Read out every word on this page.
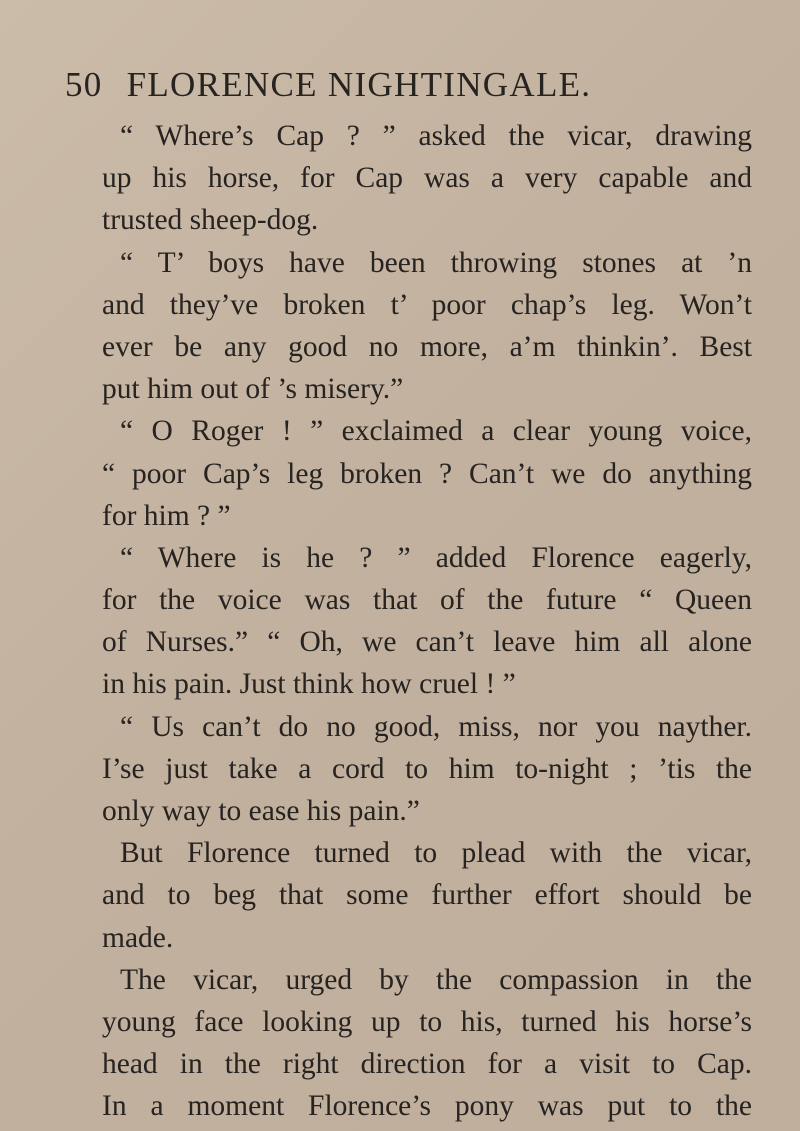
50 FLORENCE NIGHTINGALE.
“ Where’s Cap ? ” asked the vicar, drawing
up his horse, for Cap was a very capable and
trusted sheep-dog.
“ T’ boys have been throwing stones at ’n
and they’ve broken t’ poor chap’s leg. Won’t
ever be any good no more, a’m thinkin’. Best
put him out of ’s misery.”
“ O Roger ! ” exclaimed a clear young voice,
“ poor Cap’s leg broken ? Can’t we do anything
for him ? ”
“ Where is he ? ” added Florence eagerly,
for the voice was that of the future “ Queen
of Nurses.” “ Oh, we can’t leave him all alone
in his pain. Just think how cruel ! ”
“ Us can’t do no good, miss, nor you nayther.
I’se just take a cord to him to-night ; ’tis the
only way to ease his pain.”
But Florence turned to plead with the vicar,
and to beg that some further effort should be
made.
The vicar, urged by the compassion in the
young face looking up to his, turned his horse’s
head in the right direction for a visit to Cap.
In a moment Florence’s pony was put to the
